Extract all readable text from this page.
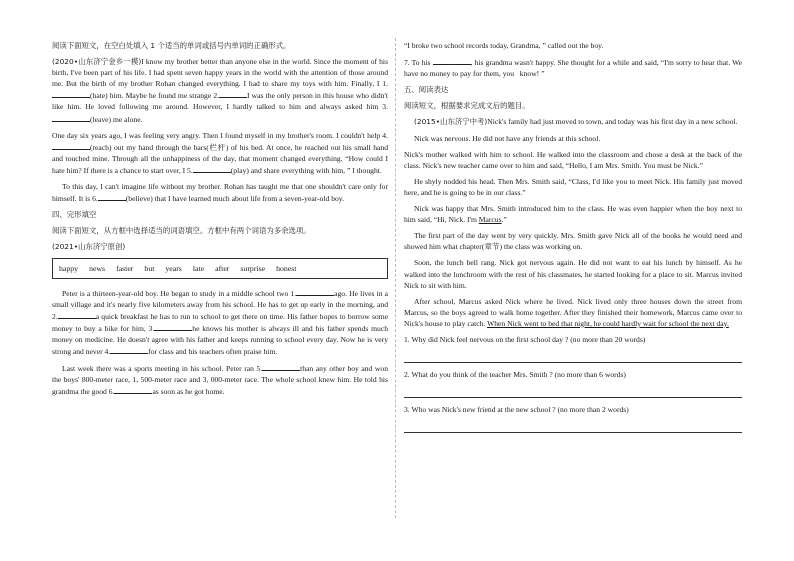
阅读下面短文，在空白处填入 1 个适当的单词或括号内单词的正确形式。

(2020•山东济宁金乡一模)I know my brother better than anyone else in the world. Since the moment of his birth, I've been part of his life. I had spent seven happy years in the world with the attention of those around me. But the birth of my brother Rohan changed everything. I had to share my toys with him. Finally, I 1.(hate) him. Maybe he found me strange 2.	I was the only person in this house who didn't like him. He loved following me around. However, I hardly talked to him and always asked him 3.(leave) me alone.

One day six years ago, I was feeling very angry. Then I found myself in my brother's room. I couldn't help 4.(reach) out my hand through the bars(栏杆) of his bed. At once, he reached out his small hand and touched mine. Through all the unhappiness of the day, that moment changed everything. “How could I hate him? If there is a chance to start over, I 5.	(play) and share everything with him, ” I thought.

To this day, I can't imagine life without my brother. Rohan has taught me that one shouldn't care only for himself. It is 6.	(believe) that I have learned much about life from a seven-year-old boy.

四、完形填空

阅读下面短文，从方框中选择适当的词语填空。方框中有两个词语为多余选项。

(2021•山东济宁原创)

happy news faster but years late after surprise honest

Peter is a thirteen-year-old boy. He began to study in a middle school two 1.	ago. He lives in a small village and it's nearly five kilometers away from his school. He has to get up early in the morning, and 2.	a quick breakfast he has to run to school to get there on time. His father hopes to borrow some money to buy a bike for him, 3.	he knows his mother is always ill and his father spends much money on medicine. He doesn't agree with his father and keeps running to school every day. Now he is very strong and never 4.	for class and his teachers often praise him.

Last week there was a sports meeting in his school. Peter ran 5.	than any other boy and won the boys' 800-meter race, 1, 500-meter race and 3, 000-meter race. The whole school knew him. He told his grandma the good 6.	as soon as he got home.

“I broke two school records today, Grandma, ” called out the boy.

7. To his	, his grandma wasn't happy. She thought for a while and said, “I'm sorry to hear that. We have no money to pay for them, you know! ”

五、阅读表达

阅读短文，根据要求完成文后的题目。

(2015•山东济宁中考)Nick's family had just moved to town, and today was his first day in a new school.

Nick was nervous. He did not have any friends at this school.

Nick's mother walked with him to school. He walked into the classroom and chose a desk at the back of the class. Nick's new teacher came over to him and said, “Hello, I am Mrs. Smith. You must be Nick.”

He shyly nodded his head. Then Mrs. Smith said, “Class, I'd like you to meet Nick. His family just moved here, and he is going to be in our class.”

Nick was happy that Mrs. Smith introduced him to the class. He was even happier when the boy next to him said, “Hi, Nick. I'm Marcus.”

The first part of the day went by very quickly. Mrs. Smith gave Nick all of the books he would need and showed him what chapter(章节) the class was working on.

Soon, the lunch bell rang. Nick got nervous again. He did not want to eat his lunch by himself. As he walked into the lunchroom with the rest of his classmates, he started looking for a place to sit. Marcus invited Nick to sit with him.

After school, Marcus asked Nick where he lived. Nick lived only three houses down the street from Marcus, so the boys agreed to walk home together. After they finished their homework, Marcus came over to Nick's house to play catch. When Nick went to bed that night, he could hardly wait for school the next day.

1. Why did Nick feel nervous on the first school day ? (no more than 20 words)

2. What do you think of the teacher Mrs. Smith ? (no more than 6 words)

3. Who was Nick's new friend at the new school ? (no more than 2 words)
